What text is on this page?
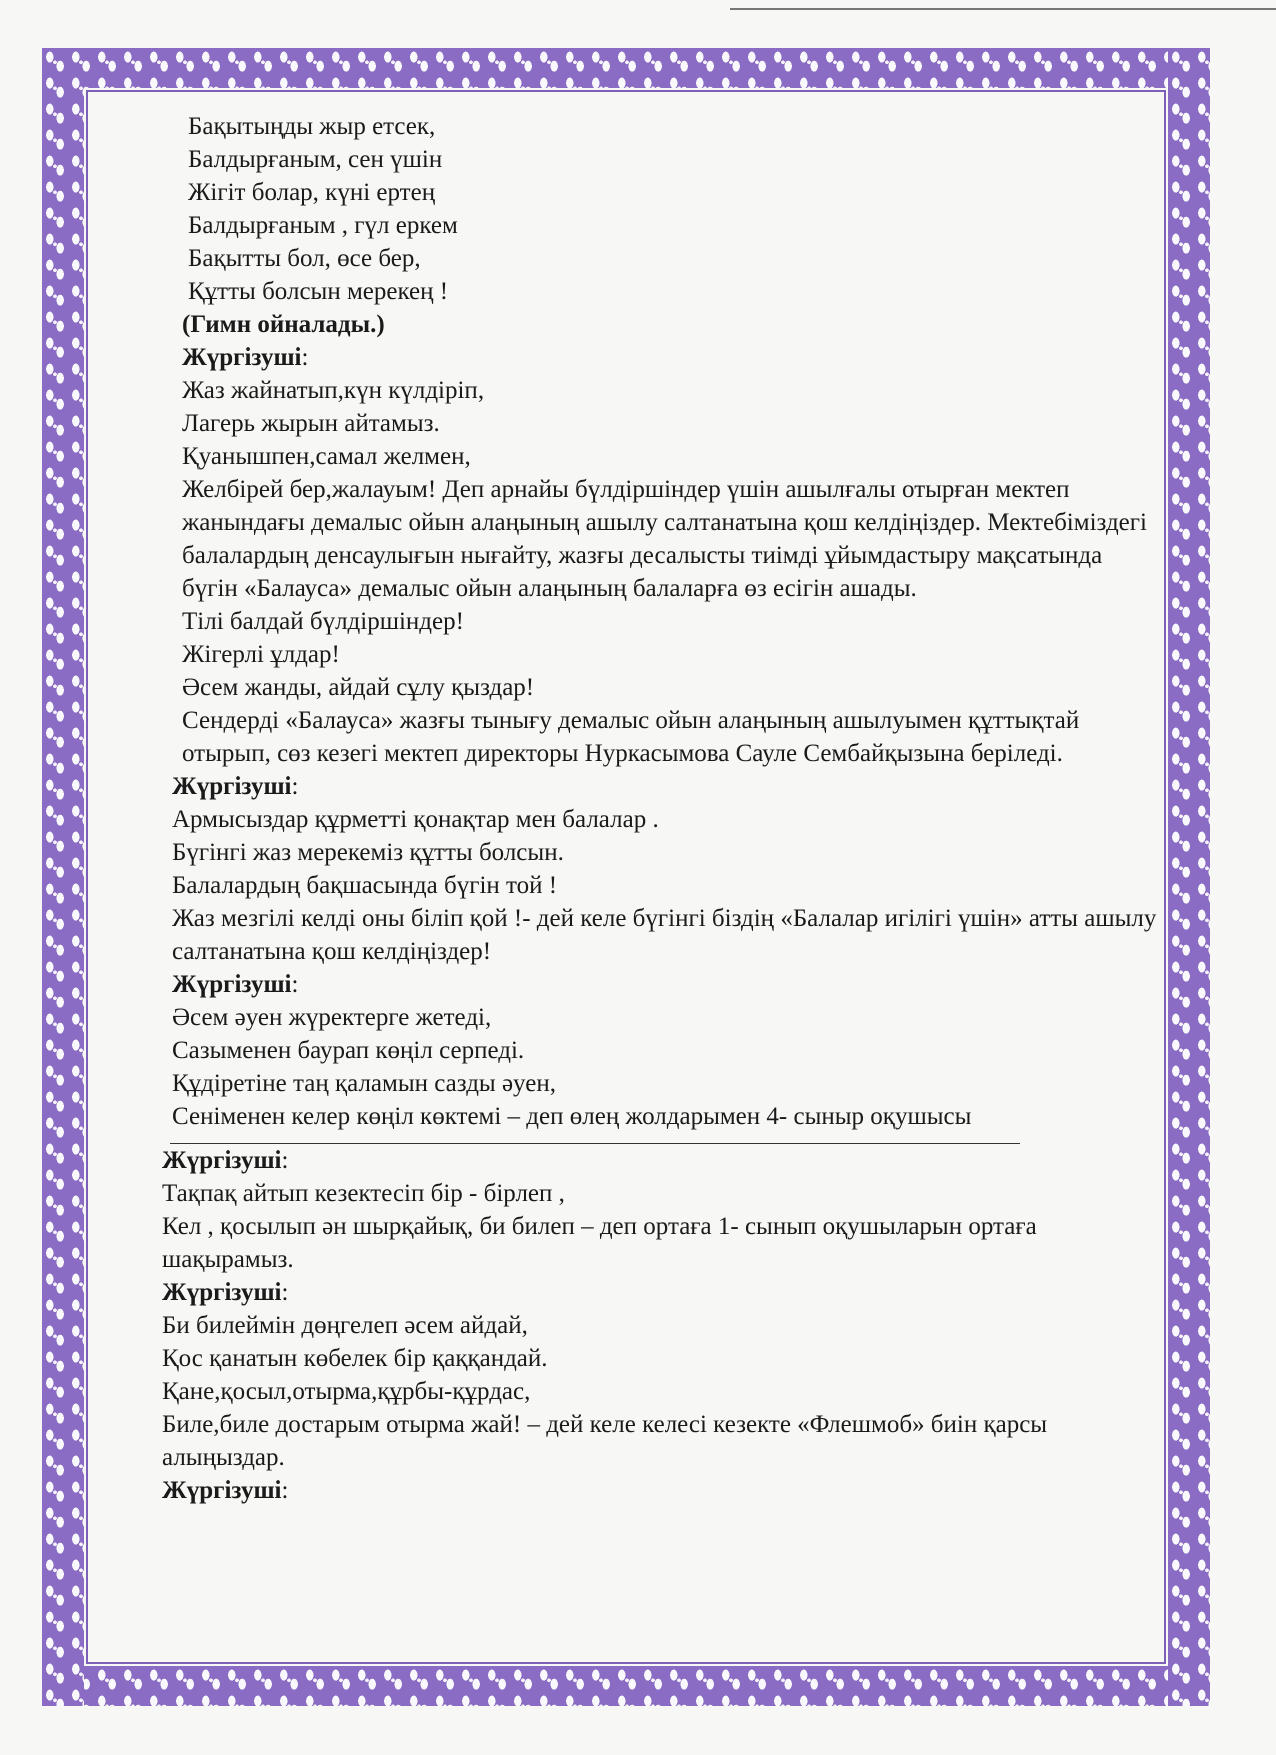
Бақытыңды жыр етсек,

Балдырғаным, сен үшін

Жігіт болар, күні ертең

Балдырғаным , гүл еркем

Бақытты бол, өсе бер,

Құтты болсын мерекең !

(Гимн ойналады.)

Жүргізуші:

Жаз жайнатып,күн күлдіріп,

Лагерь жырын айтамыз.

Қуанышпен,самал желмен,

Желбірей бер,жалауым! Деп арнайы бүлдіршіндер үшін ашылғалы отырған мектеп жанындағы демалыс ойын алаңының ашылу салтанатына қош келдіңіздер. Мектебіміздегі балалардың денсаулығын нығайту, жазғы десалысты тиімді ұйымдастыру мақсатында бүгін «Балауса» демалыс ойын алаңының балаларға өз есігін ашады.

Тілі балдай бүлдіршіндер!

Жігерлі ұлдар!

Әсем жанды, айдай сұлу қыздар!

Сендерді «Балауса» жазғы тынығу демалыс ойын алаңының ашылуымен құттықтай отырып, сөз кезегі мектеп директоры Нуркасымова Сауле Сембайқызына беріледі.

Жүргізуші:

Армысыздар құрметті қонақтар мен балалар .

Бүгінгі жаз мерекеміз құтты болсын.

Балалардың бақшасында бүгін той !

Жаз мезгілі келді оны біліп қой !- дей келе бүгінгі біздің «Балалар игілігі үшін» атты ашылу салтанатына қош келдіңіздер!

Жүргізуші:

Әсем әуен жүректерге жетеді,

Сазыменен баурап көңіл серпеді.

Құдіретіне таң қаламын сазды әуен,

Сеніменен келер көңіл көктемі – деп өлең жолдарымен 4- сыныр оқушысы

Жүргізуші:

Тақпақ айтып кезектесіп бір - бірлеп ,

Кел , қосылып ән шырқайық, би билеп – деп ортаға 1- сынып оқушыларын ортаға шақырамыз.

Жүргізуші:

Би билеймін дөңгелеп әсем айдай,

Қос қанатын көбелек бір қаққандай.

Қане,қосыл,отырма,құрбы-құрдас,

Биле,биле достарым отырма жай! – дей келе келесі кезекте «Флешмоб» биін қарсы алыңыздар.

Жүргізуші:
